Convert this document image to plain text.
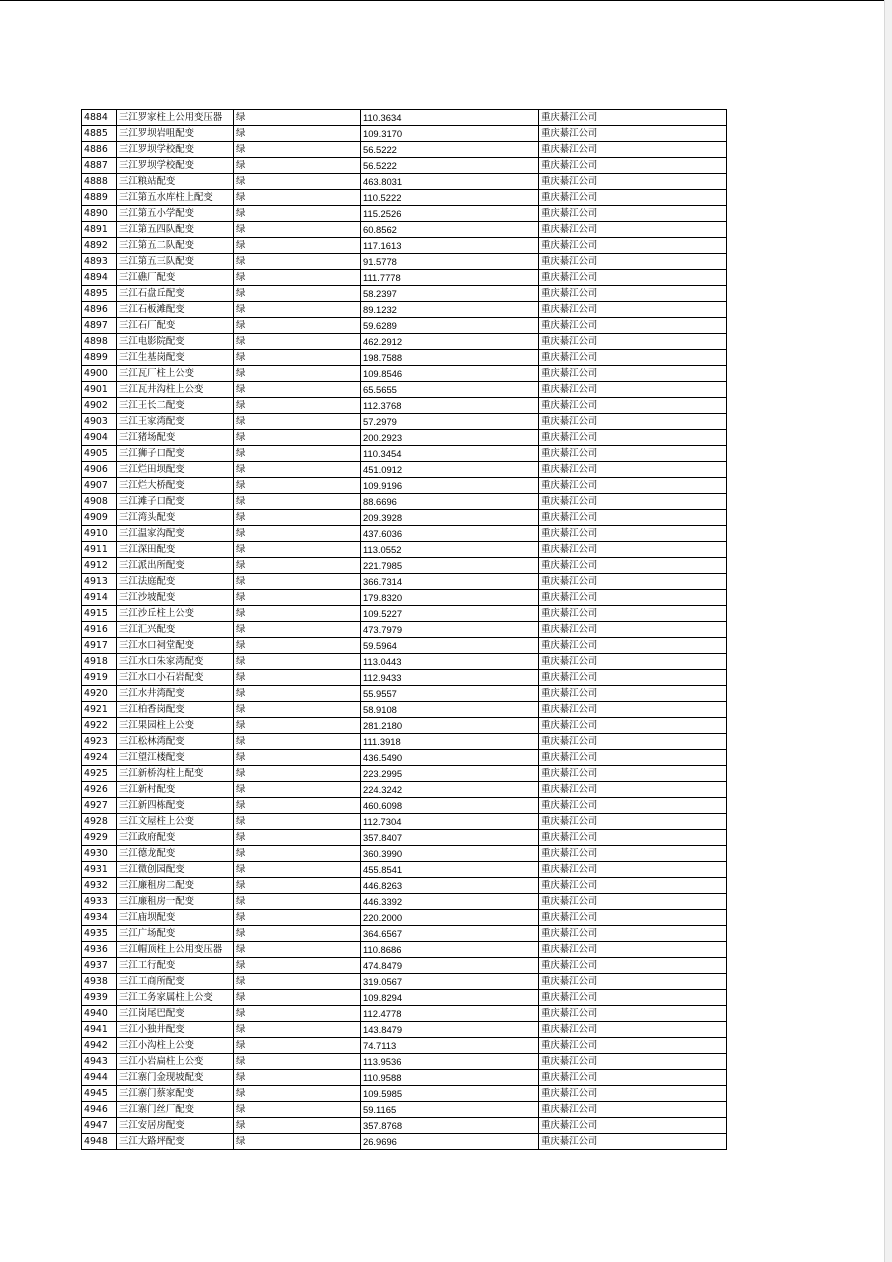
4884	三江罗家柱上公用变压器	绿	110.3634	重庆綦江公司
4885	三江罗坝岩咀配变	绿	109.3170	重庆綦江公司
4886	三江罗坝学校配变	绿	56.5222	重庆綦江公司
4887	三江罗坝学校配变	绿	56.5222	重庆綦江公司
4888	三江粮站配变	绿	463.8031	重庆綦江公司
4889	三江第五水库柱上配变	绿	110.5222	重庆綦江公司
4890	三江第五小学配变	绿	115.2526	重庆綦江公司
4891	三江第五四队配变	绿	60.8562	重庆綦江公司
4892	三江第五二队配变	绿	117.1613	重庆綦江公司
4893	三江第五三队配变	绿	91.5778	重庆綦江公司
4894	三江礁厂配变	绿	111.7778	重庆綦江公司
4895	三江石盘丘配变	绿	58.2397	重庆綦江公司
4896	三江石板滩配变	绿	89.1232	重庆綦江公司
4897	三江石厂配变	绿	59.6289	重庆綦江公司
4898	三江电影院配变	绿	462.2912	重庆綦江公司
4899	三江生基岗配变	绿	198.7588	重庆綦江公司
4900	三江瓦厂柱上公变	绿	109.8546	重庆綦江公司
4901	三江瓦井沟柱上公变	绿	65.5655	重庆綦江公司
4902	三江王长二配变	绿	112.3768	重庆綦江公司
4903	三江王家湾配变	绿	57.2979	重庆綦江公司
4904	三江猪场配变	绿	200.2923	重庆綦江公司
4905	三江狮子口配变	绿	110.3454	重庆綦江公司
4906	三江烂田坝配变	绿	451.0912	重庆綦江公司
4907	三江烂大桥配变	绿	109.9196	重庆綦江公司
4908	三江滩子口配变	绿	88.6696	重庆綦江公司
4909	三江湾头配变	绿	209.3928	重庆綦江公司
4910	三江温家沟配变	绿	437.6036	重庆綦江公司
4911	三江深田配变	绿	113.0552	重庆綦江公司
4912	三江派出所配变	绿	221.7985	重庆綦江公司
4913	三江法庭配变	绿	366.7314	重庆綦江公司
4914	三江沙坡配变	绿	179.8320	重庆綦江公司
4915	三江沙丘柱上公变	绿	109.5227	重庆綦江公司
4916	三江汇兴配变	绿	473.7979	重庆綦江公司
4917	三江水口祠堂配变	绿	59.5964	重庆綦江公司
4918	三江水口朱家湾配变	绿	113.0443	重庆綦江公司
4919	三江水口小石岩配变	绿	112.9433	重庆綦江公司
4920	三江水井湾配变	绿	55.9557	重庆綦江公司
4921	三江柏香岗配变	绿	58.9108	重庆綦江公司
4922	三江果园柱上公变	绿	281.2180	重庆綦江公司
4923	三江松林湾配变	绿	111.3918	重庆綦江公司
4924	三江望江楼配变	绿	436.5490	重庆綦江公司
4925	三江新桥沟柱上配变	绿	223.2995	重庆綦江公司
4926	三江新村配变	绿	224.3242	重庆綦江公司
4927	三江新四栋配变	绿	460.6098	重庆綦江公司
4928	三江文屋柱上公变	绿	112.7304	重庆綦江公司
4929	三江政府配变	绿	357.8407	重庆綦江公司
4930	三江德龙配变	绿	360.3990	重庆綦江公司
4931	三江微创园配变	绿	455.8541	重庆綦江公司
4932	三江廉租房二配变	绿	446.8263	重庆綦江公司
4933	三江廉租房一配变	绿	446.3392	重庆綦江公司
4934	三江庙坝配变	绿	220.2000	重庆綦江公司
4935	三江广场配变	绿	364.6567	重庆綦江公司
4936	三江帽顶柱上公用变压器	绿	110.8686	重庆綦江公司
4937	三江工行配变	绿	474.8479	重庆綦江公司
4938	三江工商所配变	绿	319.0567	重庆綦江公司
4939	三江工务家属柱上公变	绿	109.8294	重庆綦江公司
4940	三江岗尾巴配变	绿	112.4778	重庆綦江公司
4941	三江小独井配变	绿	143.8479	重庆綦江公司
4942	三江小沟柱上公变	绿	74.7113	重庆綦江公司
4943	三江小岩扁柱上公变	绿	113.9536	重庆綦江公司
4944	三江寨门金现坡配变	绿	110.9588	重庆綦江公司
4945	三江寨门蔡家配变	绿	109.5985	重庆綦江公司
4946	三江寨门丝厂配变	绿	59.1165	重庆綦江公司
4947	三江安居房配变	绿	357.8768	重庆綦江公司
4948	三江大路坪配变	绿	26.9696	重庆綦江公司
